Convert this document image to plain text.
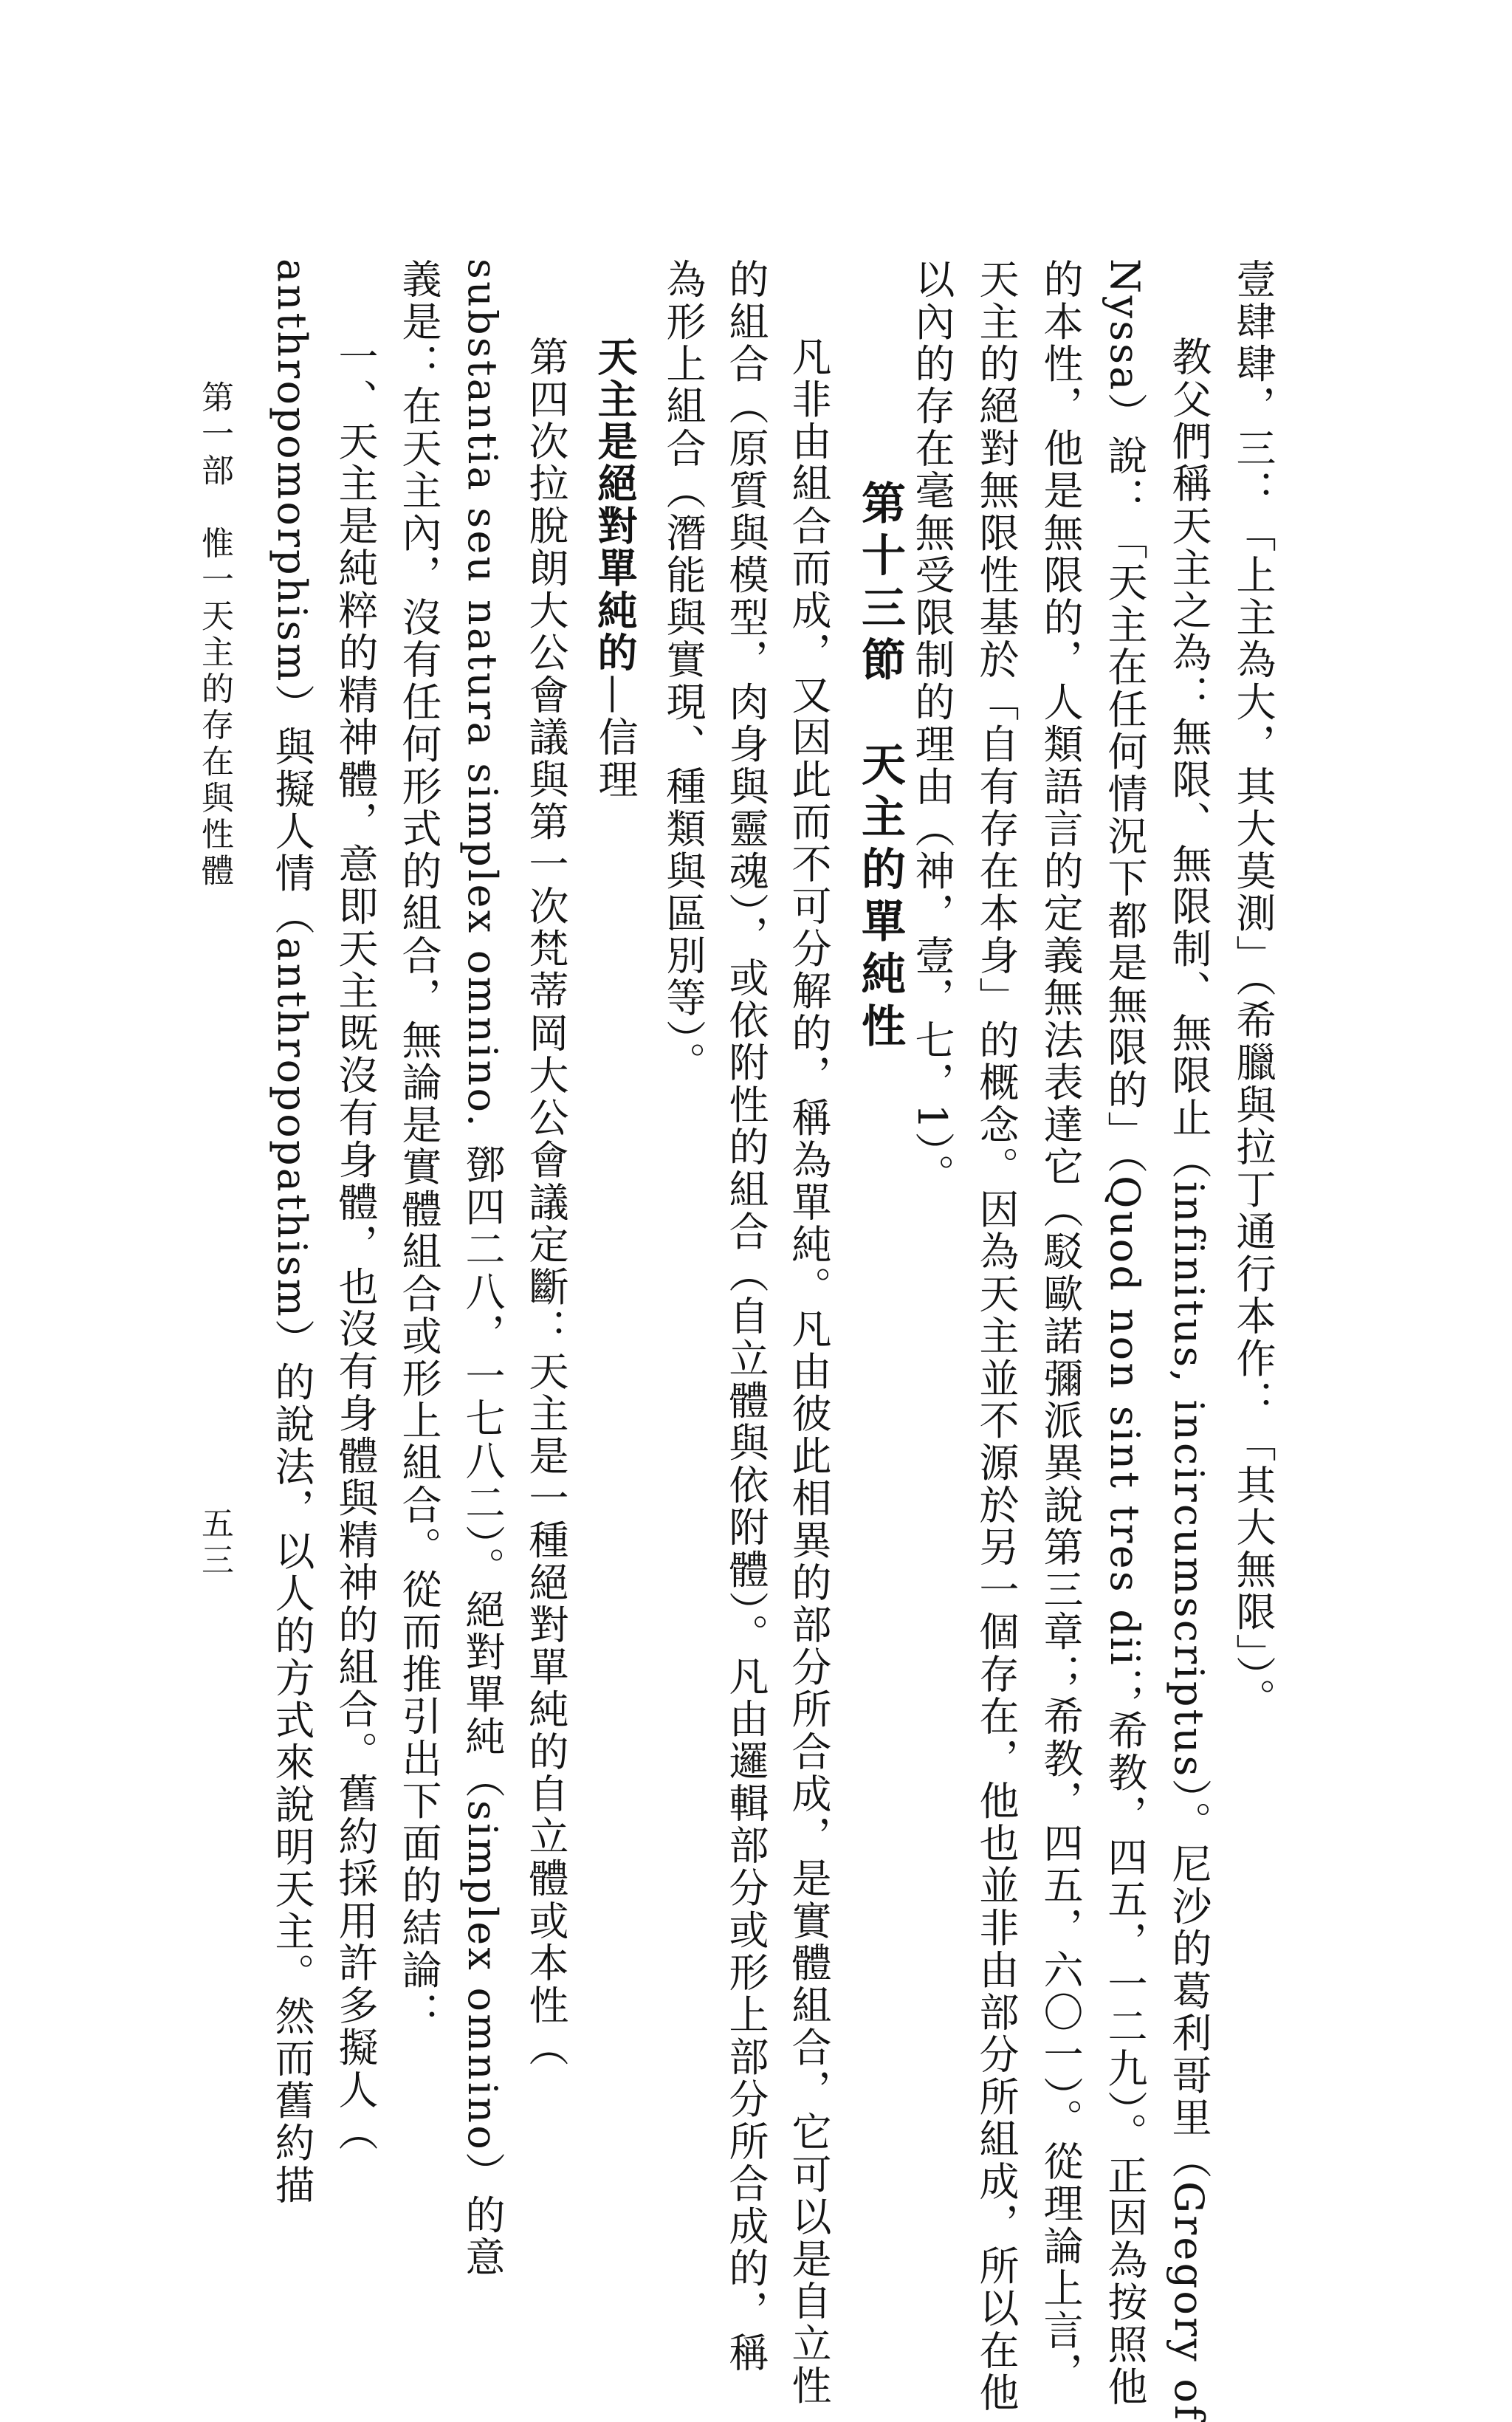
壹肆肆，三：「上主為大，其大莫測」（希臘與拉丁通行本作：「其大無限」）。
教父們稱天主之為：無限、無限制、無限止（infinitus, incircumscriptus）。尼沙的葛利哥里（Gregory of
Nyssa）說：「天主在任何情況下都是無限的」（Quod non sint tres dii；希教，四五，一二九）。正因為按照他
的本性，他是無限的，人類語言的定義無法表達它（駁歐諾彌派異說第三章；希教，四五，六〇一）。從理論上言，
天主的絕對無限性基於「自有存在本身」的概念。因為天主並不源於另一個存在，他也並非由部分所組成，所以在他
以內的存在毫無受限制的理由（神，壹，七，1）。
第十三節　天主的單純性
凡非由組合而成，又因此而不可分解的，稱為單純。凡由彼此相異的部分所合成，是實體組合，它可以是自立性
的組合（原質與模型，肉身與靈魂），或依附性的組合（自立體與依附體）。凡由邏輯部分或形上部分所合成的，稱
為形上組合（潛能與實現、種類與區別等）。
天主是絕對單純的—信理
第四次拉脫朗大公會議與第一次梵蒂岡大公會議定斷：天主是一種絕對單純的自立體或本性（
substantia seu natura simplex omnino. 鄧四二八，一七八二）。絕對單純（simplex omnino）的意
義是：在天主內，沒有任何形式的組合，無論是實體組合或形上組合。從而推引出下面的結論：
一、天主是純粹的精神體，意即天主既沒有身體，也沒有身體與精神的組合。舊約採用許多擬人（
anthropomorphism）與擬人情（anthropopathism）的說法，以人的方式來說明天主。然而舊約描
第一部　惟一天主的存在與性體
五三
